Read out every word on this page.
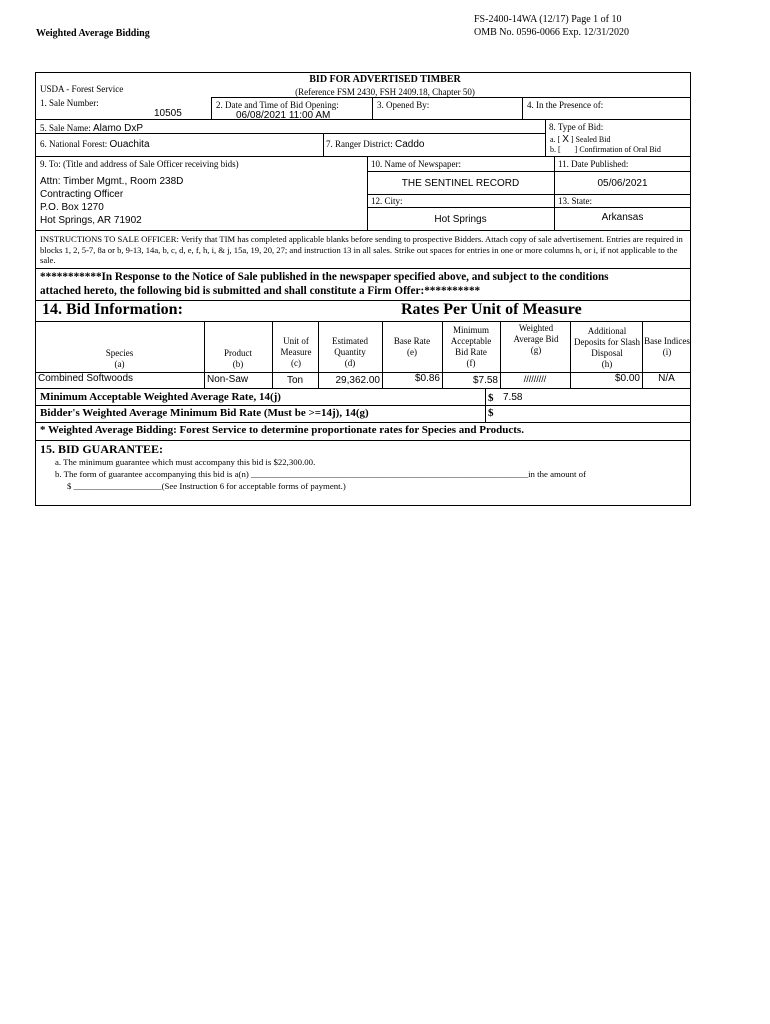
Weighted Average Bidding
FS-2400-14WA (12/17) Page 1 of 10
OMB No. 0596-0066 Exp. 12/31/2020
USDA - Forest Service
BID FOR ADVERTISED TIMBER
(Reference FSM 2430, FSH 2409.18, Chapter 50)
1. Sale Number:
10505
2. Date and Time of Bid Opening:
06/08/2021 11:00 AM
3. Opened By:	4. In the Presence of:
5. Sale Name: Alamo DxP	8. Type of Bid:
a. [ X ] Sealed Bid
b. [ ] Confirmation of Oral Bid
6. National Forest: Ouachita	7. Ranger District: Caddo
9. To: (Title and address of Sale Officer receiving bids)
Attn: Timber Mgmt., Room 238D
Contracting Officer
P.O. Box 1270
Hot Springs, AR 71902
10. Name of Newspaper:	11. Date Published:
THE SENTINEL RECORD	05/06/2021
12. City:	13. State:
Hot Springs	Arkansas
INSTRUCTIONS TO SALE OFFICER: Verify that TIM has completed applicable blanks before sending to prospective Bidders. Attach copy of sale advertisement. Entries are required in blocks 1, 2, 5-7, 8a or b, 9-13, 14a, b, c, d, e, f, h, i, & j, 15a, 19, 20, 27; and instruction 13 in all sales. Strike out spaces for entries in one or more columns h, or i, if not applicable to the sale.
***********In Response to the Notice of Sale published in the newspaper specified above, and subject to the conditions
attached hereto, the following bid is submitted and shall constitute a Firm Offer:**********
14. Bid Information:	Rates Per Unit of Measure
Species
(a)
Product
(b)
Unit of Measure
(c)
Estimated Quantity
(d)
Base Rate
(e)
Minimum Acceptable Bid Rate
(f)
Weighted Average Bid
(g)
Additional Deposits for Slash Disposal
(h)
Base Indices
(i)
Combined Softwoods	Non-Saw	Ton	29,362.00	$0.86	$7.58	/////////	$0.00	N/A
Minimum Acceptable Weighted Average Rate, 14(j)	$ 7.58
Bidder's Weighted Average Minimum Bid Rate (Must be >=14j), 14(g)	$
* Weighted Average Bidding: Forest Service to determine proportionate rates for Species and Products.
15. BID GUARANTEE:
a. The minimum guarantee which must accompany this bid is $22,300.00.
b. The form of guarantee accompanying this bid is a(n) _______________________________________________________________in the amount of
$ ____________________(See Instruction 6 for acceptable forms of payment.)
